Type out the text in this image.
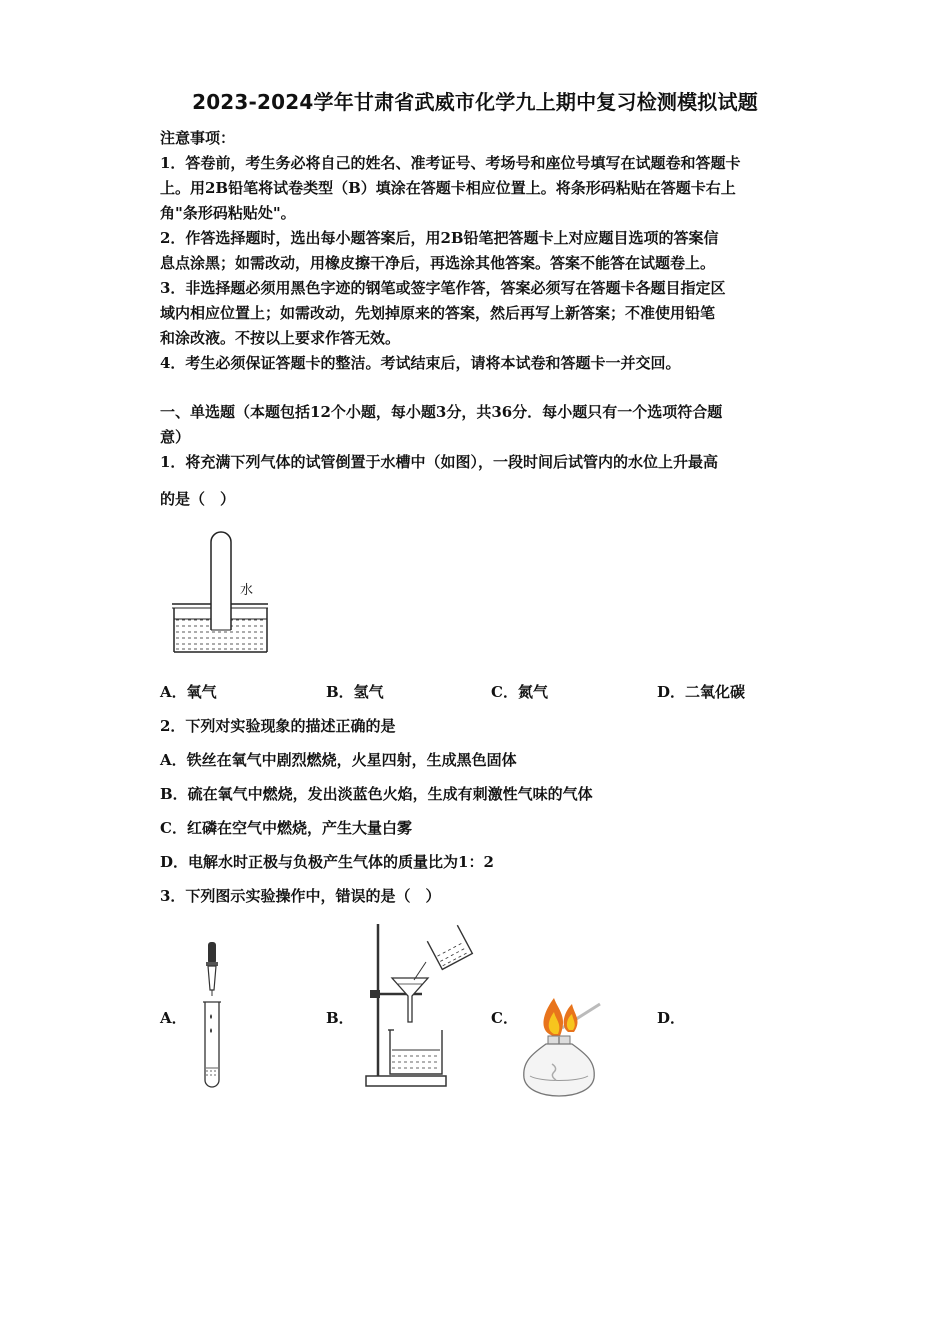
2023-2024学年甘肃省武威市化学九上期中复习检测模拟试题
注意事项：
1．答卷前，考生务必将自己的姓名、准考证号、考场号和座位号填写在试题卷和答题卡
上。用2B铅笔将试卷类型（B）填涂在答题卡相应位置上。将条形码粘贴在答题卡右上
角"条形码粘贴处"。
2．作答选择题时，选出每小题答案后，用2B铅笔把答题卡上对应题目选项的答案信
息点涂黑；如需改动，用橡皮擦干净后，再选涂其他答案。答案不能答在试题卷上。
3．非选择题必须用黑色字迹的钢笔或签字笔作答，答案必须写在答题卡各题目指定区
域内相应位置上；如需改动，先划掉原来的答案，然后再写上新答案；不准使用铅笔
和涂改液。不按以上要求作答无效。
4．考生必须保证答题卡的整洁。考试结束后，请将本试卷和答题卡一并交回。
一、单选题（本题包括12个小题，每小题3分，共36分．每小题只有一个选项符合题
意）
1．将充满下列气体的试管倒置于水槽中（如图），一段时间后试管内的水位上升最高
的是（　）
水
A．氧气	B．氢气	C．氮气	D．二氧化碳
2．下列对实验现象的描述正确的是
A．铁丝在氧气中剧烈燃烧，火星四射，生成黑色固体
B．硫在氧气中燃烧，发出淡蓝色火焰，生成有刺激性气味的气体
C．红磷在空气中燃烧，产生大量白雾
D．电解水时正极与负极产生气体的质量比为1：2
3．下列图示实验操作中，错误的是（　）
A．	B．	C．	D．
